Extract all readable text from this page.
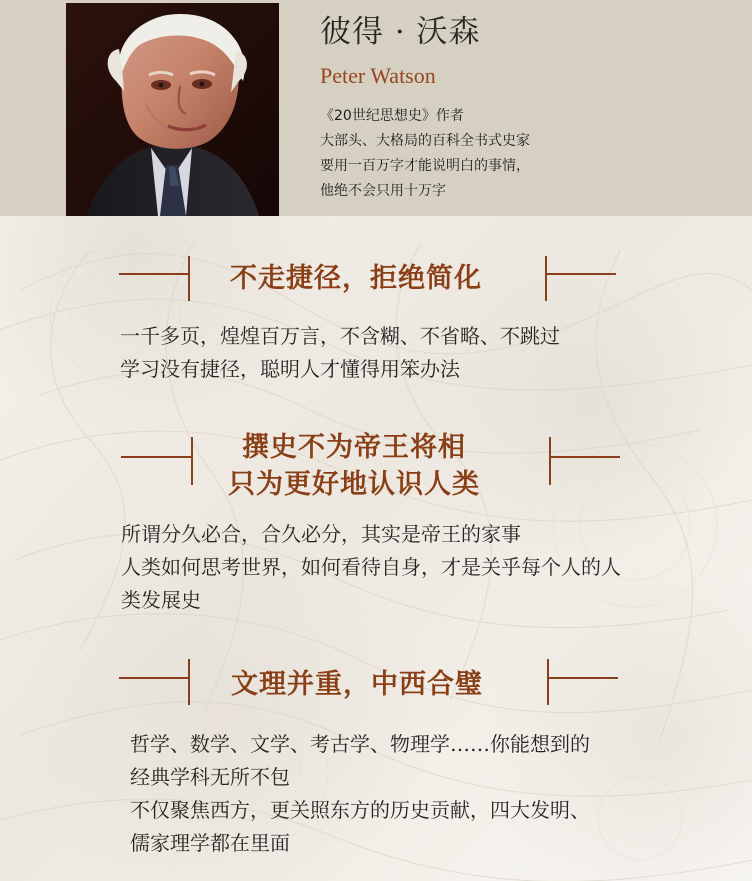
彼得 · 沃森
Peter Watson
《20世纪思想史》作者
大部头、大格局的百科全书式史家
要用一百万字才能说明白的事情，
他绝不会只用十万字
不走捷径，拒绝简化
一千多页，煌煌百万言，不含糊、不省略、不跳过
学习没有捷径，聪明人才懂得用笨办法
撰史不为帝王将相
只为更好地认识人类
所谓分久必合，合久必分，其实是帝王的家事
人类如何思考世界，如何看待自身，才是关乎每个人的人
类发展史
文理并重，中西合璧
哲学、数学、文学、考古学、物理学……你能想到的
经典学科无所不包
不仅聚焦西方，更关照东方的历史贡献，四大发明、
儒家理学都在里面
